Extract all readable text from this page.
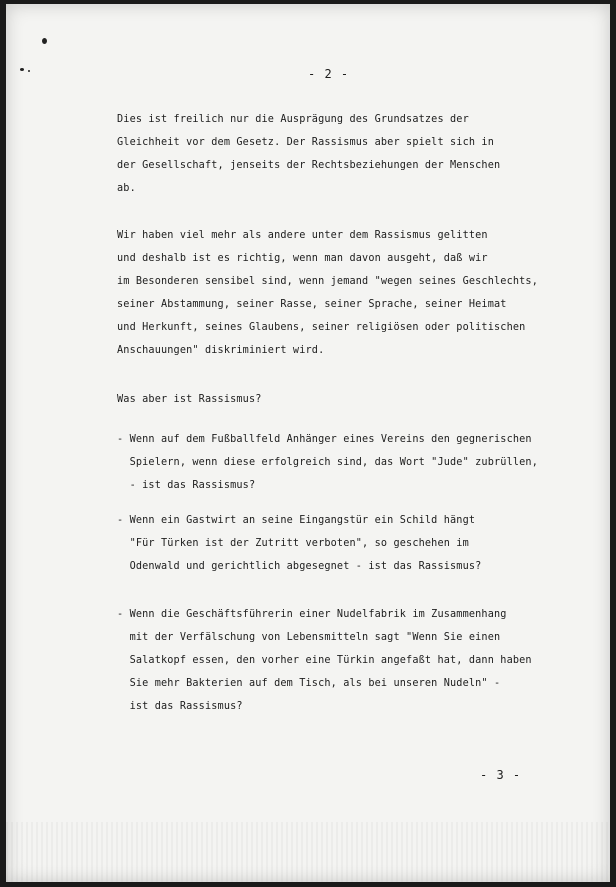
- 2 -
Dies ist freilich nur die Ausprägung des Grundsatzes der
Gleichheit vor dem Gesetz. Der Rassismus aber spielt sich in
der Gesellschaft, jenseits der Rechtsbeziehungen der Menschen
ab.
Wir haben viel mehr als andere unter dem Rassismus gelitten
und deshalb ist es richtig, wenn man davon ausgeht, daß wir
im Besonderen sensibel sind, wenn jemand "wegen seines Geschlechts,
seiner Abstammung, seiner Rasse, seiner Sprache, seiner Heimat
und Herkunft, seines Glaubens, seiner religiösen oder politischen
Anschauungen" diskriminiert wird.
Was aber ist Rassismus?
- Wenn auf dem Fußballfeld Anhänger eines Vereins den gegnerischen
Spielern, wenn diese erfolgreich sind, das Wort "Jude" zubrüllen,
- ist das Rassismus?
- Wenn ein Gastwirt an seine Eingangstür ein Schild hängt
"Für Türken ist der Zutritt verboten", so geschehen im
Odenwald und gerichtlich abgesegnet - ist das Rassismus?
- Wenn die Geschäftsführerin einer Nudelfabrik im Zusammenhang
mit der Verfälschung von Lebensmitteln sagt "Wenn Sie einen
Salatkopf essen, den vorher eine Türkin angefaßt hat, dann haben
Sie mehr Bakterien auf dem Tisch, als bei unseren Nudeln" -
ist das Rassismus?
- 3 -
